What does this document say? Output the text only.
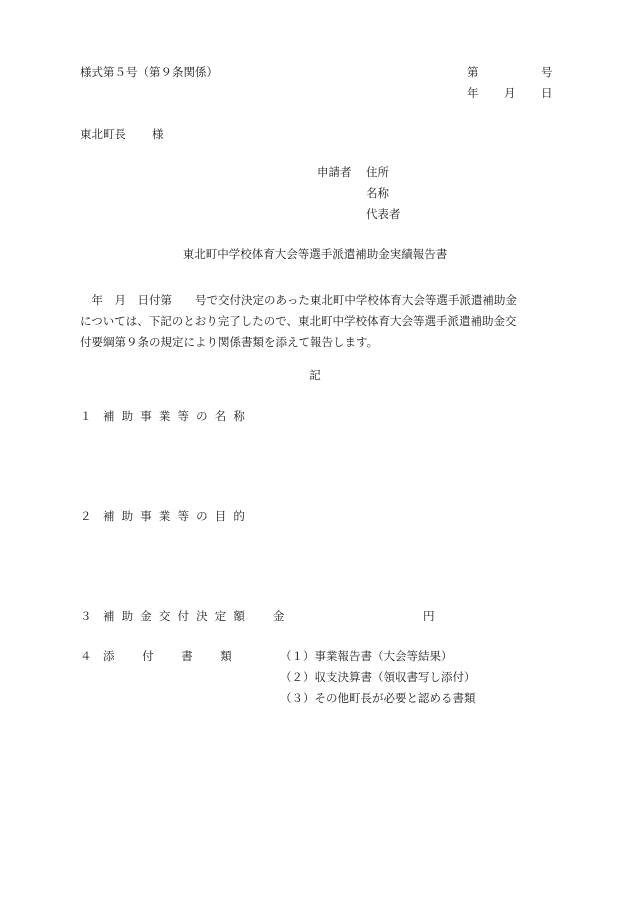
様式第５号（第９条関係）	第	号
年 月 日
東北町長 様
申請者 住所
名称
代表者
東北町中学校体育大会等選手派遣補助金実績報告書

　年　月　日付第　　号で交付決定のあった東北町中学校体育大会等選手派遣補助金

については、下記のとおり完了したので、東北町中学校体育大会等選手派遣補助金交

付要綱第９条の規定により関係書類を添えて報告します。

記
１ 補助事業等の名称
２ 補助事業等の目的
３ 補助金交付決定額 金	円
４ 添付書類 （１）事業報告書（大会等結果）
（２）収支決算書（領収書写し添付）
（３）その他町長が必要と認める書類
